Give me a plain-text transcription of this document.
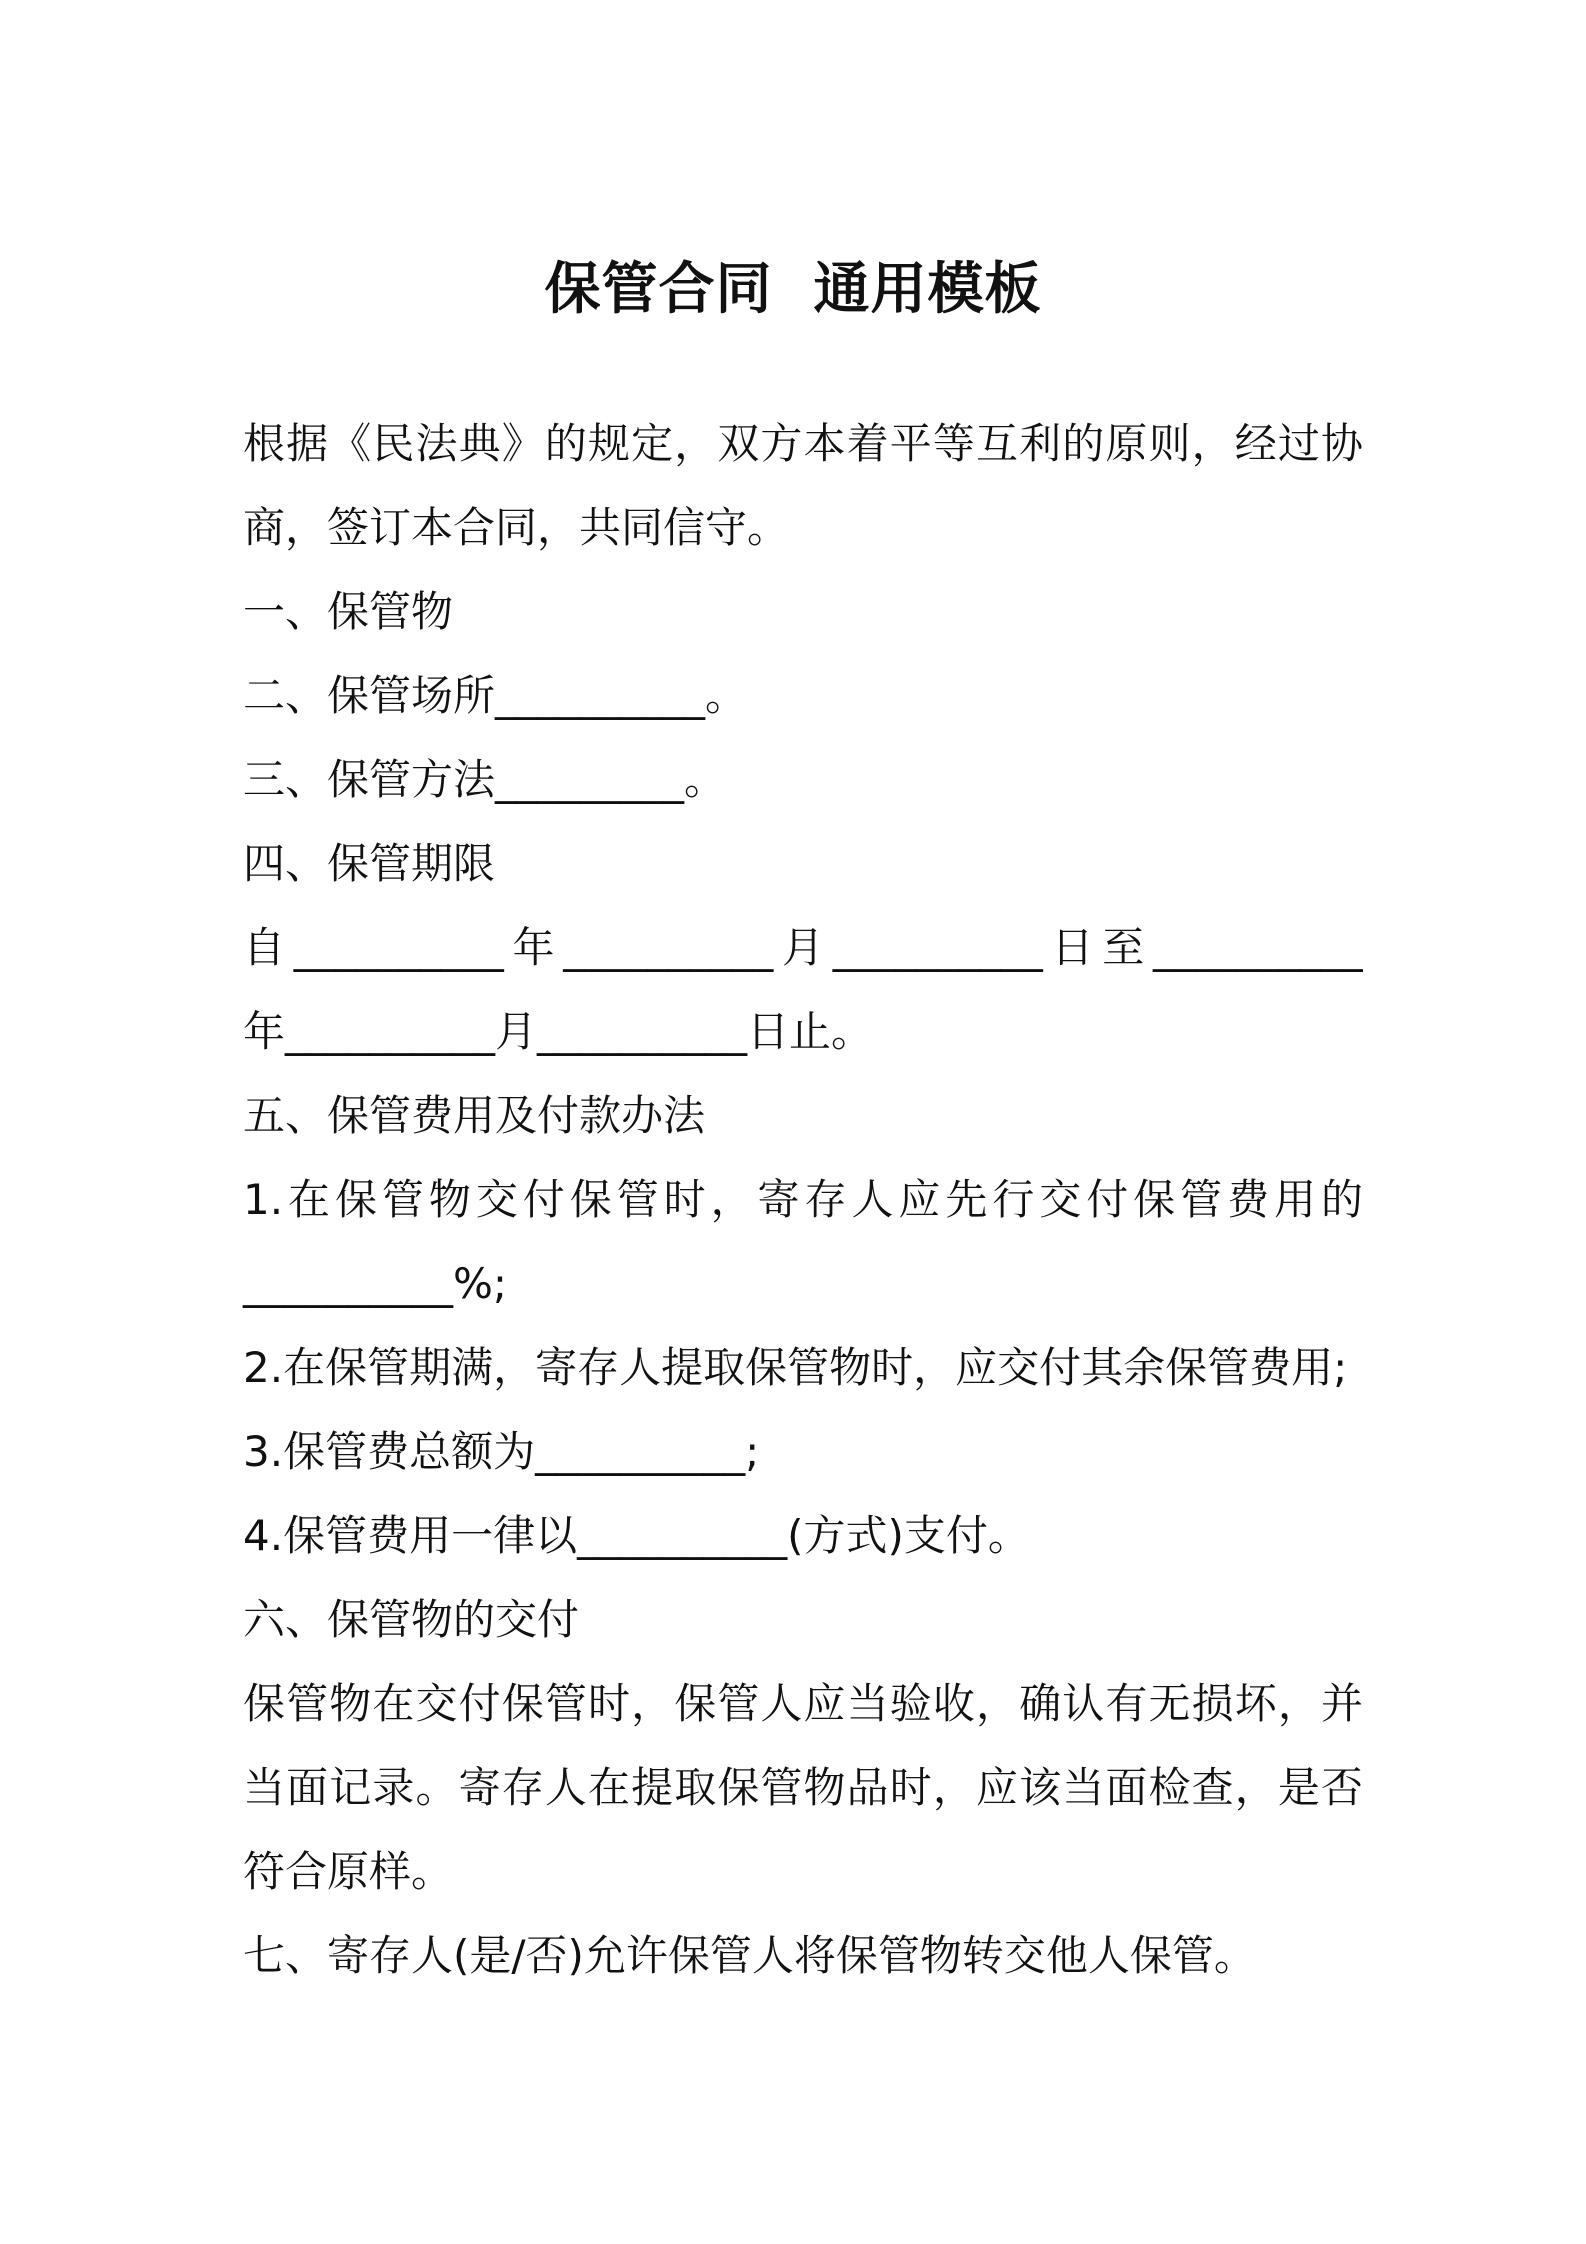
保管合同  通用模板
根据《民法典》的规定，双方本着平等互利的原则，经过协
商，签订本合同，共同信守。
一、保管物
二、保管场所__________。
三、保管方法_________。
四、保管期限
自__________年__________月__________日至__________
年__________月__________日止。
五、保管费用及付款办法
1.在保管物交付保管时，寄存人应先行交付保管费用的
__________%;
2.在保管期满，寄存人提取保管物时，应交付其余保管费用;
3.保管费总额为__________;
4.保管费用一律以__________(方式)支付。
六、保管物的交付
保管物在交付保管时，保管人应当验收，确认有无损坏，并
当面记录。寄存人在提取保管物品时，应该当面检查，是否
符合原样。
七、寄存人(是/否)允许保管人将保管物转交他人保管。
